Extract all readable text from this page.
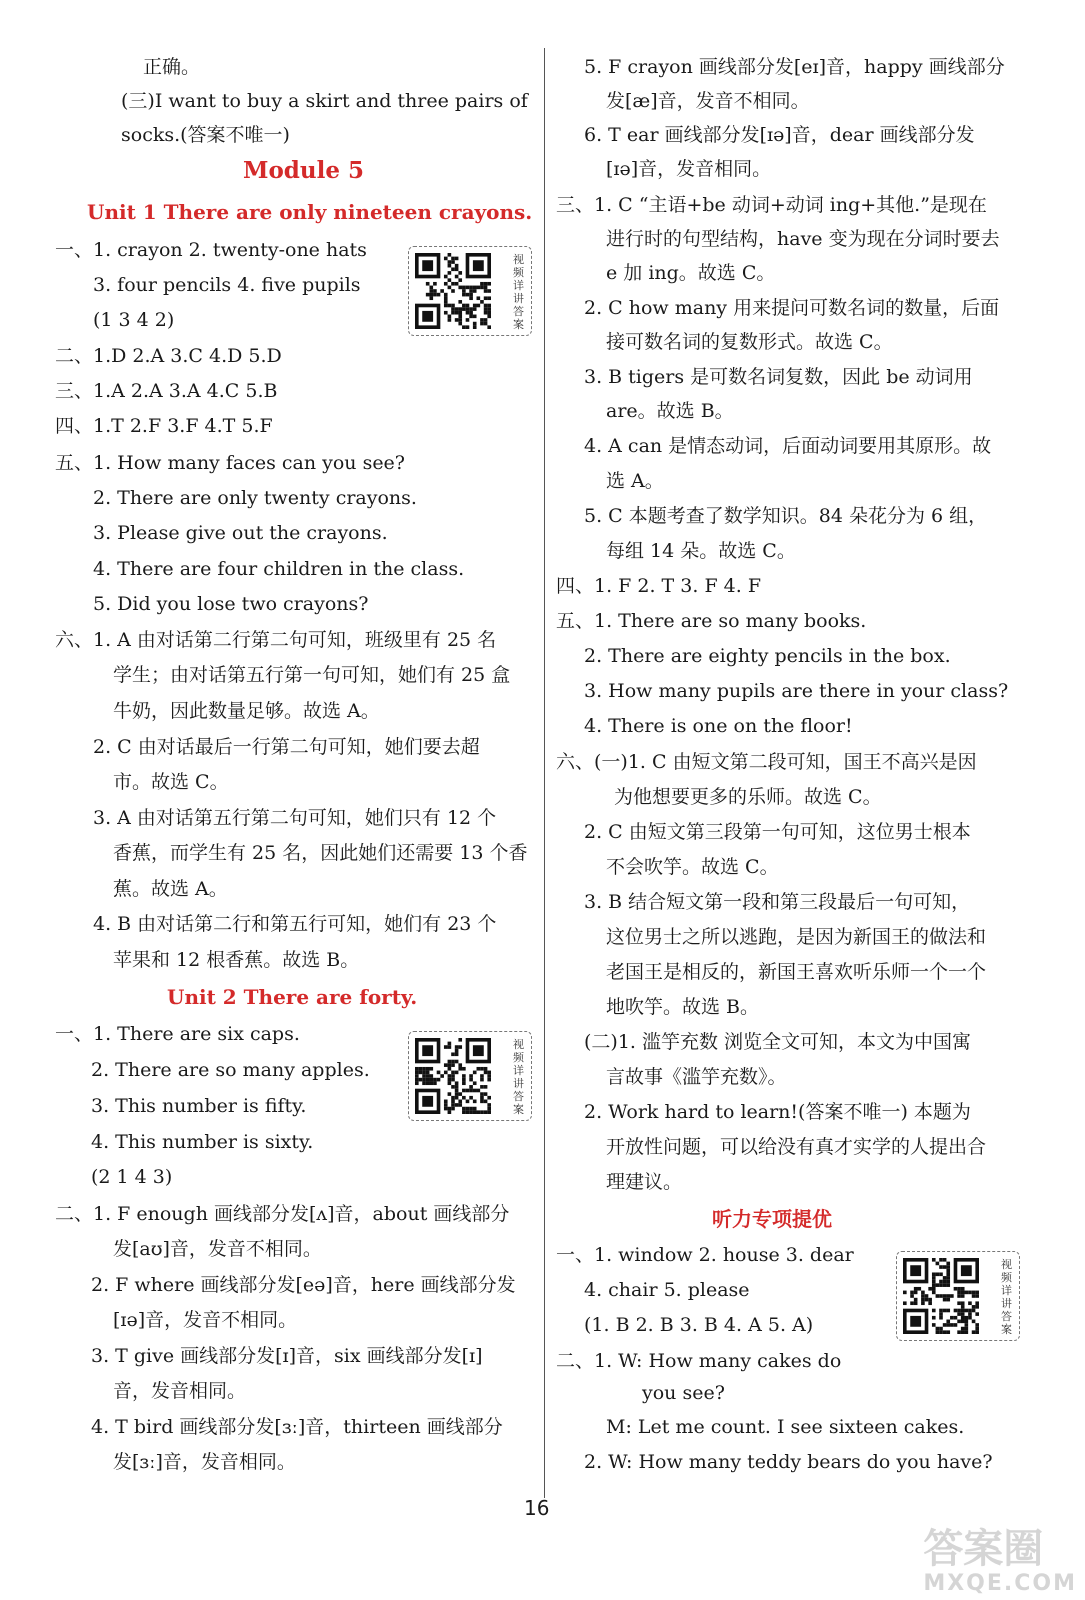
正确。
(三)I want to buy a skirt and three pairs of
socks.(答案不唯一)
Module 5
Unit 1 There are only nineteen crayons.
一、1. crayon 2. twenty-one hats
3. four pencils 4. five pupils
(1 3 4 2)
二、1.D 2.A 3.C 4.D 5.D
三、1.A 2.A 3.A 4.C 5.B
四、1.T 2.F 3.F 4.T 5.F
五、1. How many faces can you see?
2. There are only twenty crayons.
3. Please give out the crayons.
4. There are four children in the class.
5. Did you lose two crayons?
六、1. A 由对话第二行第二句可知，班级里有 25 名
学生；由对话第五行第一句可知，她们有 25 盒
牛奶，因此数量足够。故选 A。
2. C 由对话最后一行第二句可知，她们要去超
市。故选 C。
3. A 由对话第五行第二句可知，她们只有 12 个
香蕉，而学生有 25 名，因此她们还需要 13 个香
蕉。故选 A。
4. B 由对话第二行和第五行可知，她们有 23 个
苹果和 12 根香蕉。故选 B。
Unit 2 There are forty.
一、1. There are six caps.
2. There are so many apples.
3. This number is fifty.
4. This number is sixty.
(2 1 4 3)
二、1. F enough 画线部分发[ʌ]音，about 画线部分
发[aʊ]音，发音不相同。
2. F where 画线部分发[eə]音，here 画线部分发
[ɪə]音，发音不相同。
3. T give 画线部分发[ɪ]音，six 画线部分发[ɪ]
音，发音相同。
4. T bird 画线部分发[ɜː]音，thirteen 画线部分
发[ɜː]音，发音相同。
5. F crayon 画线部分发[eɪ]音，happy 画线部分
发[æ]音，发音不相同。
6. T ear 画线部分发[ɪə]音，dear 画线部分发
[ɪə]音，发音相同。
三、1. C “主语+be 动词+动词 ing+其他.”是现在
进行时的句型结构，have 变为现在分词时要去
e 加 ing。故选 C。
2. C how many 用来提问可数名词的数量，后面
接可数名词的复数形式。故选 C。
3. B tigers 是可数名词复数，因此 be 动词用
are。故选 B。
4. A can 是情态动词，后面动词要用其原形。故
选 A。
5. C 本题考查了数学知识。84 朵花分为 6 组，
每组 14 朵。故选 C。
四、1. F 2. T 3. F 4. F
五、1. There are so many books.
2. There are eighty pencils in the box.
3. How many pupils are there in your class?
4. There is one on the floor!
六、(一)1. C 由短文第二段可知，国王不高兴是因
为他想要更多的乐师。故选 C。
2. C 由短文第三段第一句可知，这位男士根本
不会吹竽。故选 C。
3. B 结合短文第一段和第三段最后一句可知，
这位男士之所以逃跑，是因为新国王的做法和
老国王是相反的，新国王喜欢听乐师一个一个
地吹竽。故选 B。
(二)1. 滥竽充数 浏览全文可知，本文为中国寓
言故事《滥竽充数》。
2. Work hard to learn!(答案不唯一) 本题为
开放性问题，可以给没有真才实学的人提出合
理建议。
听力专项提优
一、1. window 2. house 3. dear
4. chair 5. please
(1. B 2. B 3. B 4. A 5. A)
二、1. W: How many cakes do
you see?
M: Let me count. I see sixteen cakes.
2. W: How many teddy bears do you have?
视频详讲答案
视频详讲答案
视频详讲答案
16
答案圈
MXQE.COM
